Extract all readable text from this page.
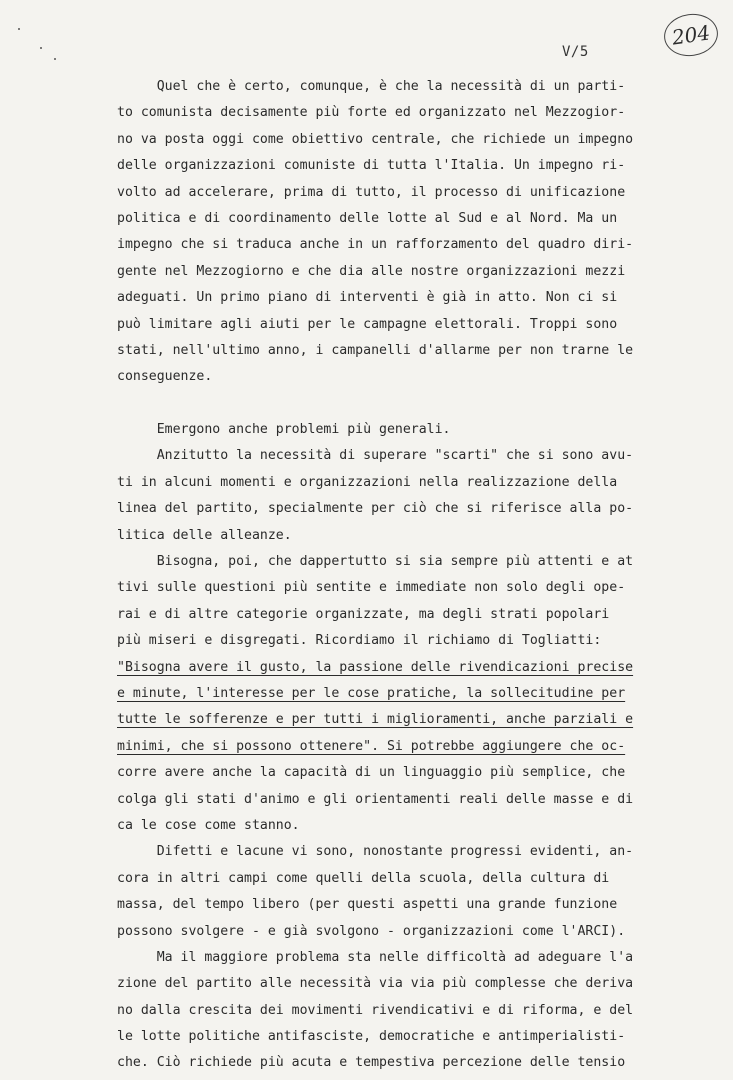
V/5
204
Quel che è certo, comunque, è che la necessità di un parti-
to comunista decisamente più forte ed organizzato nel Mezzogior-
no va posta oggi come obiettivo centrale, che richiede un impegno
delle organizzazioni comuniste di tutta l'Italia. Un impegno ri-
volto ad accelerare, prima di tutto, il processo di unificazione
politica e di coordinamento delle lotte al Sud e al Nord. Ma un
impegno che si traduca anche in un rafforzamento del quadro diri-
gente nel Mezzogiorno e che dia alle nostre organizzazioni mezzi
adeguati. Un primo piano di interventi è già in atto. Non ci si
può limitare agli aiuti per le campagne elettorali. Troppi sono
stati, nell'ultimo anno, i campanelli d'allarme per non trarne le
conseguenze.
Emergono anche problemi più generali.
Anzitutto la necessità di superare "scarti" che si sono avu-
ti in alcuni momenti e organizzazioni nella realizzazione della
linea del partito, specialmente per ciò che si riferisce alla po-
litica delle alleanze.
Bisogna, poi, che dappertutto si sia sempre più attenti e at
tivi sulle questioni più sentite e immediate non solo degli ope-
rai e di altre categorie organizzate, ma degli strati popolari
più miseri e disgregati. Ricordiamo il richiamo di Togliatti:
"Bisogna avere il gusto, la passione delle rivendicazioni precise
e minute, l'interesse per le cose pratiche, la sollecitudine per
tutte le sofferenze e per tutti i miglioramenti, anche parziali e
minimi, che si possono ottenere". Si potrebbe aggiungere che oc-
corre avere anche la capacità di un linguaggio più semplice, che
colga gli stati d'animo e gli orientamenti reali delle masse e di
ca le cose come stanno.
Difetti e lacune vi sono, nonostante progressi evidenti, an-
cora in altri campi come quelli della scuola, della cultura di
massa, del tempo libero (per questi aspetti una grande funzione
possono svolgere - e già svolgono - organizzazioni come l'ARCI).
Ma il maggiore problema sta nelle difficoltà ad adeguare l'a
zione del partito alle necessità via via più complesse che deriva
no dalla crescita dei movimenti rivendicativi e di riforma, e del
le lotte politiche antifasciste, democratiche e antimperialisti-
che. Ciò richiede più acuta e tempestiva percezione delle tensio
